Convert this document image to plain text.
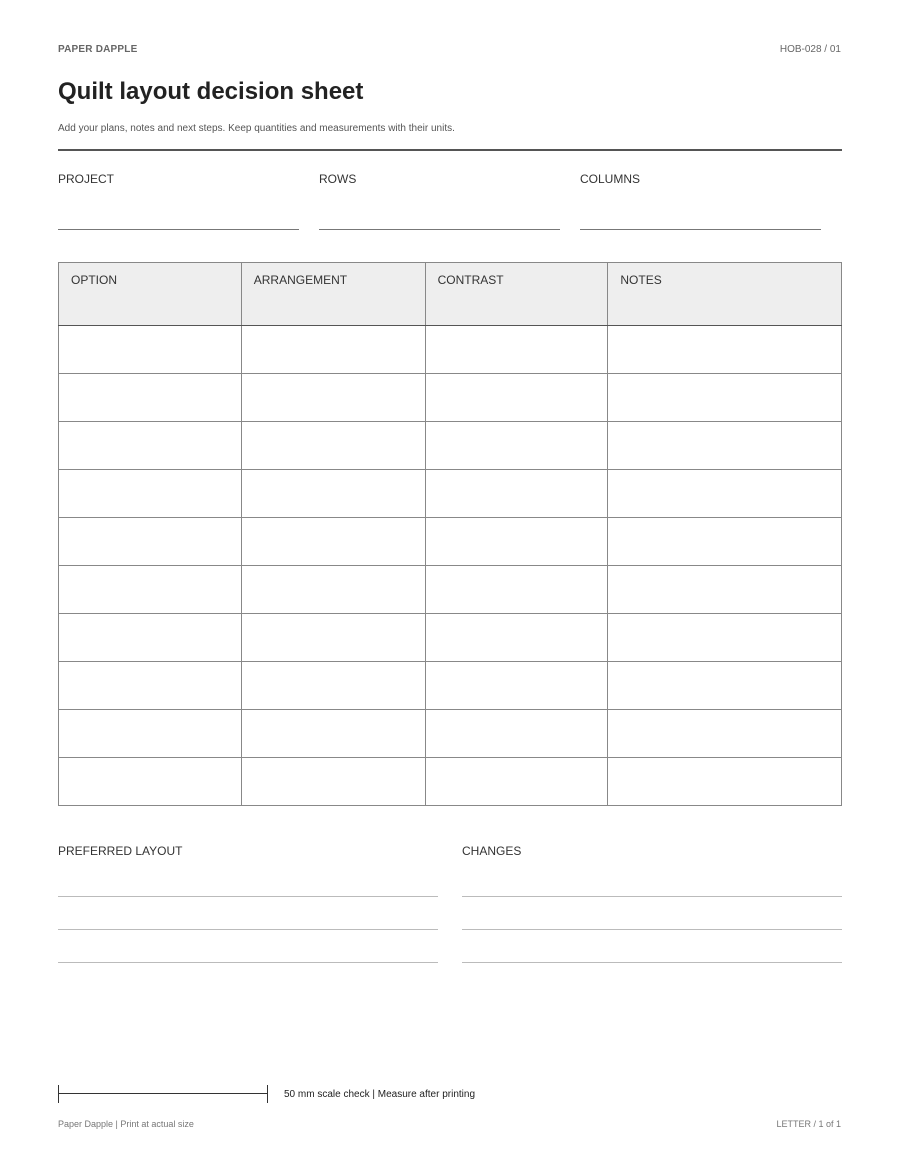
PAPER DAPPLE	HOB-028 / 01
Quilt layout decision sheet

Add your plans, notes and next steps. Keep quantities and measurements with their units.

PROJECT	ROWS	COLUMNS
OPTION	ARRANGEMENT	CONTRAST	NOTES

PREFERRED LAYOUT	CHANGES
50 mm scale check | Measure after printing
Paper Dapple | Print at actual size	LETTER / 1 of 1
